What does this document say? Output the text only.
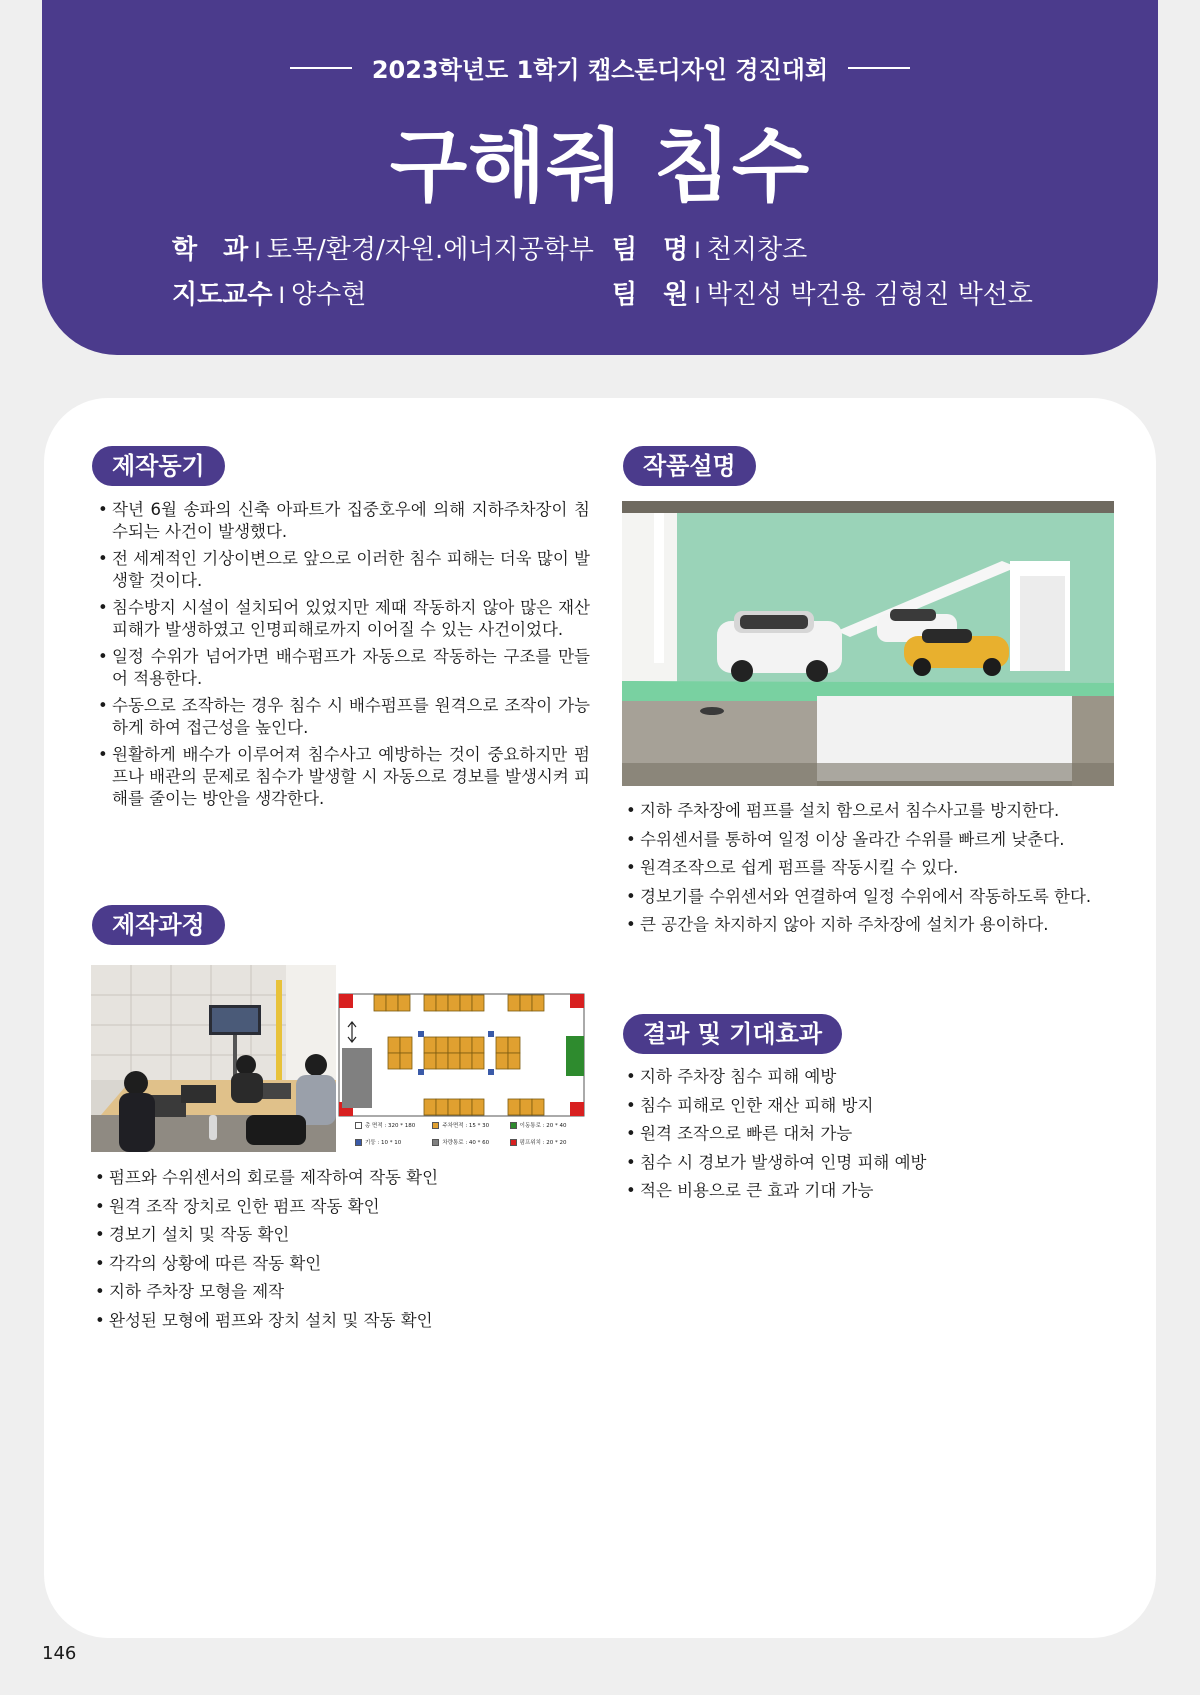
2023학년도 1학기 캡스톤디자인 경진대회
구해줘 침수
학　과 I 토목/환경/자원.에너지공학부
지도교수 I 양수현
팀　명 I 천지창조
팀　원 I 박진성 박건용 김형진 박선호
제작동기
• 작년 6월 송파의 신축 아파트가 집중호우에 의해 지하주차장이 침수되는 사건이 발생했다.
• 전 세계적인 기상이변으로 앞으로 이러한 침수 피해는 더욱 많이 발생할 것이다.
• 침수방지 시설이 설치되어 있었지만 제때 작동하지 않아 많은 재산피해가 발생하였고 인명피해로까지 이어질 수 있는 사건이었다.
• 일정 수위가 넘어가면 배수펌프가 자동으로 작동하는 구조를 만들어 적용한다.
• 수동으로 조작하는 경우 침수 시 배수펌프를 원격으로 조작이 가능하게 하여 접근성을 높인다.
• 원활하게 배수가 이루어져 침수사고 예방하는 것이 중요하지만 펌프나 배관의 문제로 침수가 발생할 시 자동으로 경보를 발생시켜 피해를 줄이는 방안을 생각한다.
제작과정
총 면적 : 320 * 180	주차면적 : 15 * 30	이동통로 : 20 * 40
기둥 : 10 * 10	차량통로 : 40 * 60	펌프위치 : 20 * 20
• 펌프와 수위센서의 회로를 제작하여 작동 확인
• 원격 조작 장치로 인한 펌프 작동 확인
• 경보기 설치 및 작동 확인
• 각각의 상황에 따른 작동 확인
• 지하 주차장 모형을 제작
• 완성된 모형에 펌프와 장치 설치 및 작동 확인
작품설명
• 지하 주차장에 펌프를 설치 함으로서 침수사고를 방지한다.
• 수위센서를 통하여 일정 이상 올라간 수위를 빠르게 낮춘다.
• 원격조작으로 쉽게 펌프를 작동시킬 수 있다.
• 경보기를 수위센서와 연결하여 일정 수위에서 작동하도록 한다.
• 큰 공간을 차지하지 않아 지하 주차장에 설치가 용이하다.
결과 및 기대효과
• 지하 주차장 침수 피해 예방
• 침수 피해로 인한 재산 피해 방지
• 원격 조작으로 빠른 대처 가능
• 침수 시 경보가 발생하여 인명 피해 예방
• 적은 비용으로 큰 효과 기대 가능
146
